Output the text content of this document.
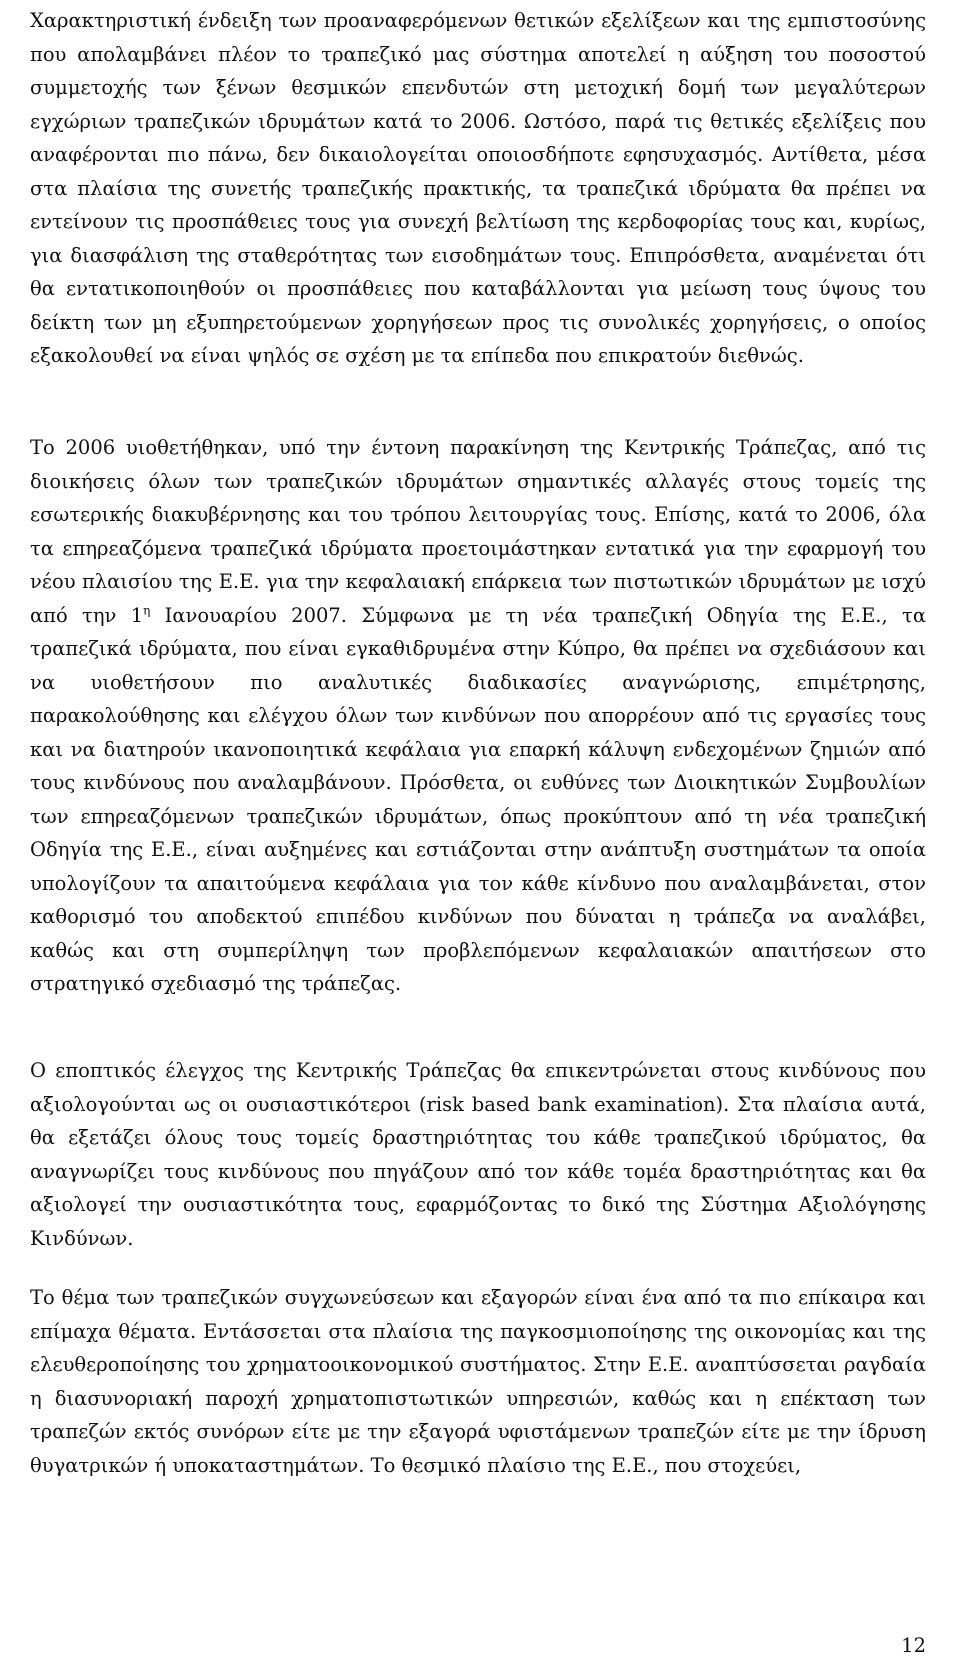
Χαρακτηριστική ένδειξη των προαναφερόμενων θετικών εξελίξεων και της εμπιστοσύνης που απολαμβάνει πλέον το τραπεζικό μας σύστημα αποτελεί η αύξηση του ποσοστού συμμετοχής των ξένων θεσμικών επενδυτών στη μετοχική δομή των μεγαλύτερων εγχώριων τραπεζικών ιδρυμάτων κατά το 2006. Ωστόσο, παρά τις θετικές εξελίξεις που αναφέρονται πιο πάνω, δεν δικαιολογείται οποιοσδήποτε εφησυχασμός. Αντίθετα, μέσα στα πλαίσια της συνετής τραπεζικής πρακτικής, τα τραπεζικά ιδρύματα θα πρέπει να εντείνουν τις προσπάθειες τους για συνεχή βελτίωση της κερδοφορίας τους και, κυρίως, για διασφάλιση της σταθερότητας των εισοδημάτων τους. Επιπρόσθετα, αναμένεται ότι θα εντατικοποιηθούν οι προσπάθειες που καταβάλλονται για μείωση τους ύψους του δείκτη των μη εξυπηρετούμενων χορηγήσεων προς τις συνολικές χορηγήσεις, ο οποίος εξακολουθεί να είναι ψηλός σε σχέση με τα επίπεδα που επικρατούν διεθνώς.

Το 2006 υιοθετήθηκαν, υπό την έντονη παρακίνηση της Κεντρικής Τράπεζας, από τις διοικήσεις όλων των τραπεζικών ιδρυμάτων σημαντικές αλλαγές στους τομείς της εσωτερικής διακυβέρνησης και του τρόπου λειτουργίας τους. Επίσης, κατά το 2006, όλα τα επηρεαζόμενα τραπεζικά ιδρύματα προετοιμάστηκαν εντατικά για την εφαρμογή του νέου πλαισίου της Ε.Ε. για την κεφαλαιακή επάρκεια των πιστωτικών ιδρυμάτων με ισχύ από την $1^\eta$ Ιανουαρίου 2007. Σύμφωνα με τη νέα τραπεζική Οδηγία της Ε.Ε., τα τραπεζικά ιδρύματα, που είναι εγκαθιδρυμένα στην Κύπρο, θα πρέπει να σχεδιάσουν και να υιοθετήσουν πιο αναλυτικές διαδικασίες αναγνώρισης, επιμέτρησης, παρακολούθησης και ελέγχου όλων των κινδύνων που απορρέουν από τις εργασίες τους και να διατηρούν ικανοποιητικά κεφάλαια για επαρκή κάλυψη ενδεχομένων ζημιών από τους κινδύνους που αναλαμβάνουν. Πρόσθετα, οι ευθύνες των Διοικητικών Συμβουλίων των επηρεαζόμενων τραπεζικών ιδρυμάτων, όπως προκύπτουν από τη νέα τραπεζική Οδηγία της Ε.Ε., είναι αυξημένες και εστιάζονται στην ανάπτυξη συστημάτων τα οποία υπολογίζουν τα απαιτούμενα κεφάλαια για τον κάθε κίνδυνο που αναλαμβάνεται, στον καθορισμό του αποδεκτού επιπέδου κινδύνων που δύναται η τράπεζα να αναλάβει, καθώς και στη συμπερίληψη των προβλεπόμενων κεφαλαιακών απαιτήσεων στο στρατηγικό σχεδιασμό της τράπεζας.

Ο εποπτικός έλεγχος της Κεντρικής Τράπεζας θα επικεντρώνεται στους κινδύνους που αξιολογούνται ως οι ουσιαστικότεροι (risk based bank examination). Στα πλαίσια αυτά, θα εξετάζει όλους τους τομείς δραστηριότητας του κάθε τραπεζικού ιδρύματος, θα αναγνωρίζει τους κινδύνους που πηγάζουν από τον κάθε τομέα δραστηριότητας και θα αξιολογεί την ουσιαστικότητα τους, εφαρμόζοντας το δικό της Σύστημα Αξιολόγησης Κινδύνων.

Το θέμα των τραπεζικών συγχωνεύσεων και εξαγορών είναι ένα από τα πιο επίκαιρα και επίμαχα θέματα. Εντάσσεται στα πλαίσια της παγκοσμιοποίησης της οικονομίας και της ελευθεροποίησης του χρηματοοικονομικού συστήματος. Στην Ε.Ε. αναπτύσσεται ραγδαία η διασυνοριακή παροχή χρηματοπιστωτικών υπηρεσιών, καθώς και η επέκταση των τραπεζών εκτός συνόρων είτε με την εξαγορά υφιστάμενων τραπεζών είτε με την ίδρυση θυγατρικών ή υποκαταστημάτων. Το θεσμικό πλαίσιο της Ε.Ε., που στοχεύει,

12
